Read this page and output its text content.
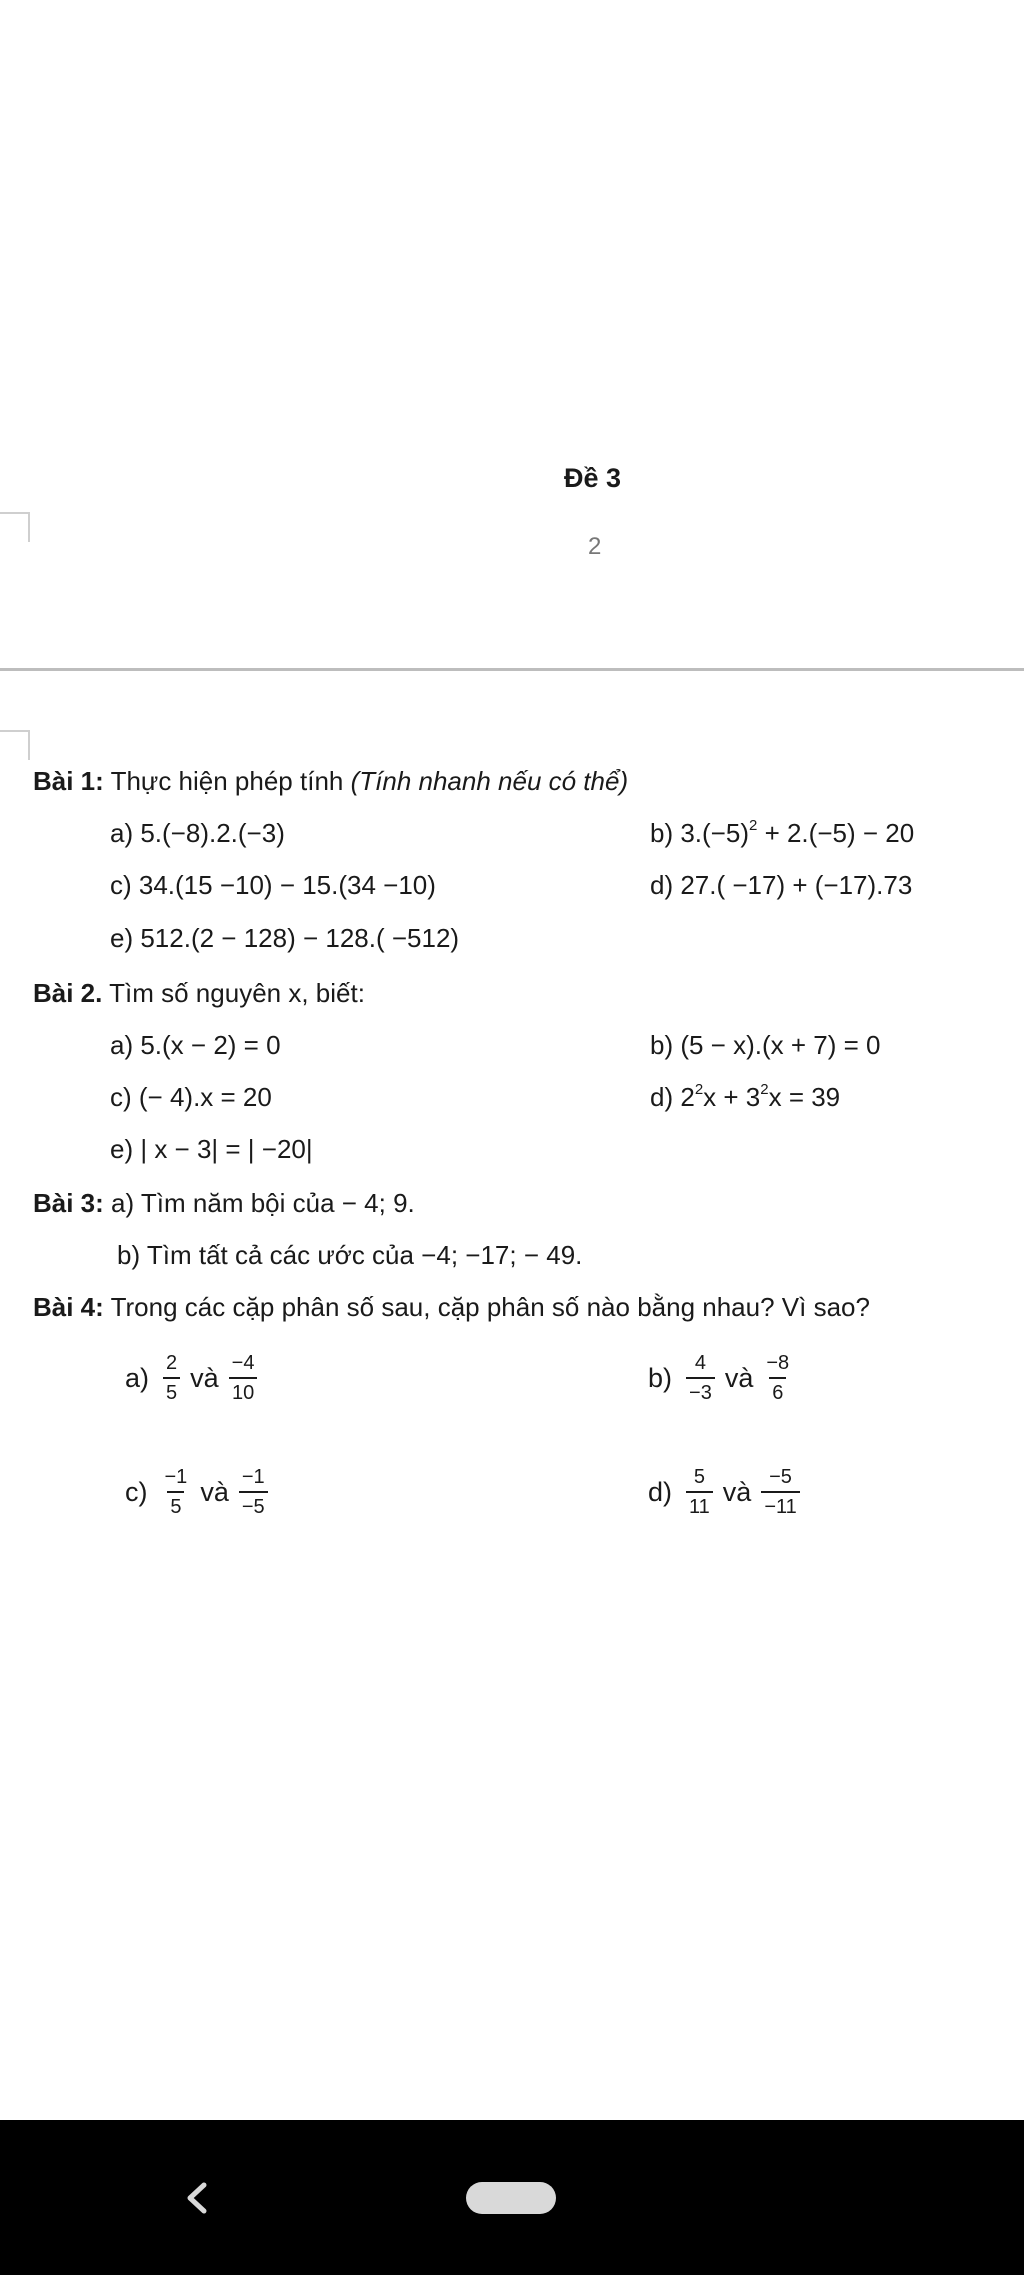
Đề 3
2
Bài 1: Thực hiện phép tính (Tính nhanh nếu có thể)
a) 5.(−8).2.(−3)	b) $3.(-5)^2 + 2.(-5) - 20$
c) 34.(15 −10) − 15.(34 −10)	d) 27.( −17) + (−17).73
e) 512.(2 − 128) − 128.( −512)
Bài 2. Tìm số nguyên x, biết:
a) 5.(x − 2) = 0	b) (5 − x).(x + 7) = 0
c) (− 4).x = 20	d) $2^2x + 3^2x = 39$
e) | x − 3| = | −20|
Bài 3: a) Tìm năm bội của − 4; 9.
b) Tìm tất cả các ước của −4; −17; − 49.
Bài 4: Trong các cặp phân số sau, cặp phân số nào bằng nhau? Vì sao?
$a) \frac{2}{5}$ và $\frac{-4}{10}$	$b) \frac{4}{-3}$ và $\frac{-8}{6}$
$c) \frac{-1}{5}$ và $\frac{-1}{-5}$	$d) \frac{5}{11}$ và $\frac{-5}{-11}$
